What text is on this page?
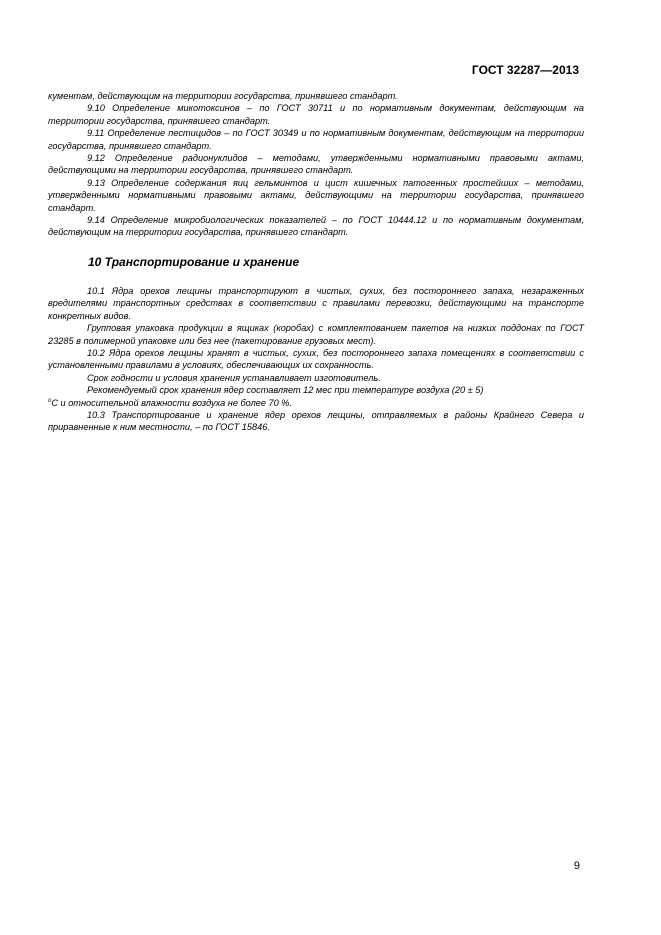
ГОСТ 32287—2013

кументам, действующим на территории государства, принявшего стандарт.

9.10 Определение микотоксинов – по ГОСТ 30711 и по нормативным документам, действующим на территории государства, принявшего стандарт.

9.11 Определение пестицидов – по ГОСТ 30349 и по нормативным документам, действующим на территории государства, принявшего стандарт.

9.12 Определение радионуклидов – методами, утвержденными нормативными правовыми актами, действующими на территории государства, принявшего стандарт.

9.13 Определение содержания яиц гельминтов и цист кишечных патогенных простейших – методами, утвержденными нормативными правовыми актами, действующими на территории государства, принявшего стандарт.

9.14 Определение микробиологических показателей – по ГОСТ 10444.12 и по нормативным документам, действующим на территории государства, принявшего стандарт.

10 Транспортирование и хранение

10.1 Ядра орехов лещины транспортируют в чистых, сухих, без постороннего запаха, незараженных вредителями транспортных средствах в соответствии с правилами перевозки, действующими на транспорте конкретных видов.

Групповая упаковка продукции в ящиках (коробах) с комплектованием пакетов на низких поддонах по ГОСТ 23285 в полимерной упаковке или без нее (пакетирование грузовых мест).

10.2 Ядра орехов лещины хранят в чистых, сухих, без постороннего запаха помещениях в соответствии с установленными правилами в условиях, обеспечивающих их сохранность.

Срок годности и условия хранения устанавливает изготовитель.

Рекомендуемый срок хранения ядер составляет 12 мес при температуре воздуха (20 ± 5)

$^о$C и относительной влажности воздуха не более 70 %.

10.3 Транспортирование и хранение ядер орехов лещины, отправляемых в районы Крайнего Севера и приравненные к ним местности, – по ГОСТ 15846.

9
